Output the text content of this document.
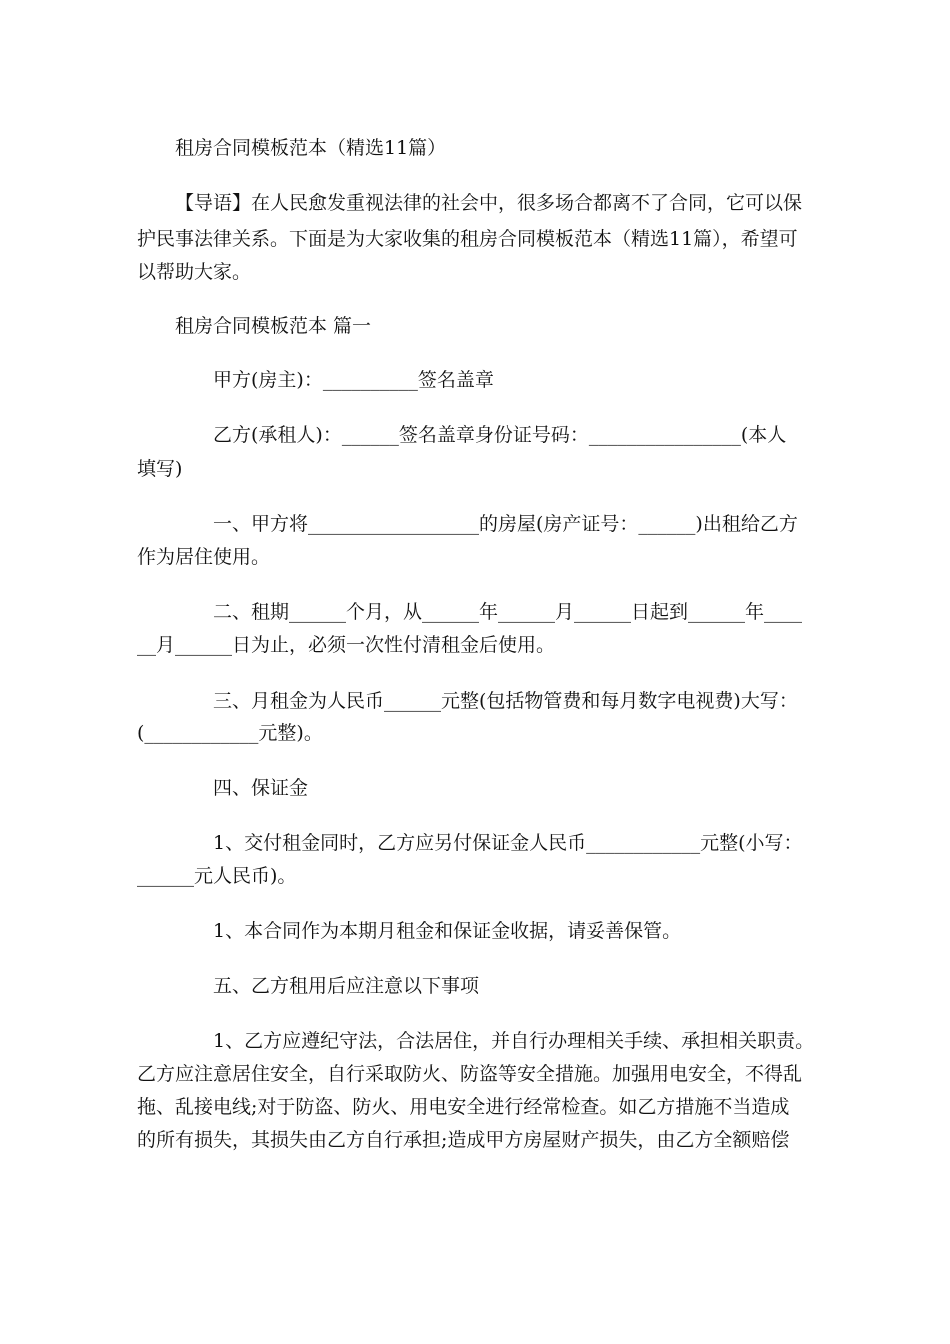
租房合同模板范本（精选11篇）
【导语】在人民愈发重视法律的社会中，很多场合都离不了合同，它可以保
护民事法律关系。下面是为大家收集的租房合同模板范本（精选11篇），希望可
以帮助大家。
租房合同模板范本 篇一
甲方(房主)：__________签名盖章
乙方(承租人)：______签名盖章身份证号码：________________(本人
填写)
一、甲方将__________________的房屋(房产证号：______)出租给乙方
作为居住使用。
二、租期______个月，从______年______月______日起到______年____
__月______日为止，必须一次性付清租金后使用。
三、月租金为人民币______元整(包括物管费和每月数字电视费)大写：
(____________元整)。
四、保证金
1、交付租金同时，乙方应另付保证金人民币____________元整(小写：
______元人民币)。
1、本合同作为本期月租金和保证金收据，请妥善保管。
五、乙方租用后应注意以下事项
1、乙方应遵纪守法，合法居住，并自行办理相关手续、承担相关职责。
乙方应注意居住安全，自行采取防火、防盗等安全措施。加强用电安全，不得乱
拖、乱接电线;对于防盗、防火、用电安全进行经常检查。如乙方措施不当造成
的所有损失，其损失由乙方自行承担;造成甲方房屋财产损失，由乙方全额赔偿
